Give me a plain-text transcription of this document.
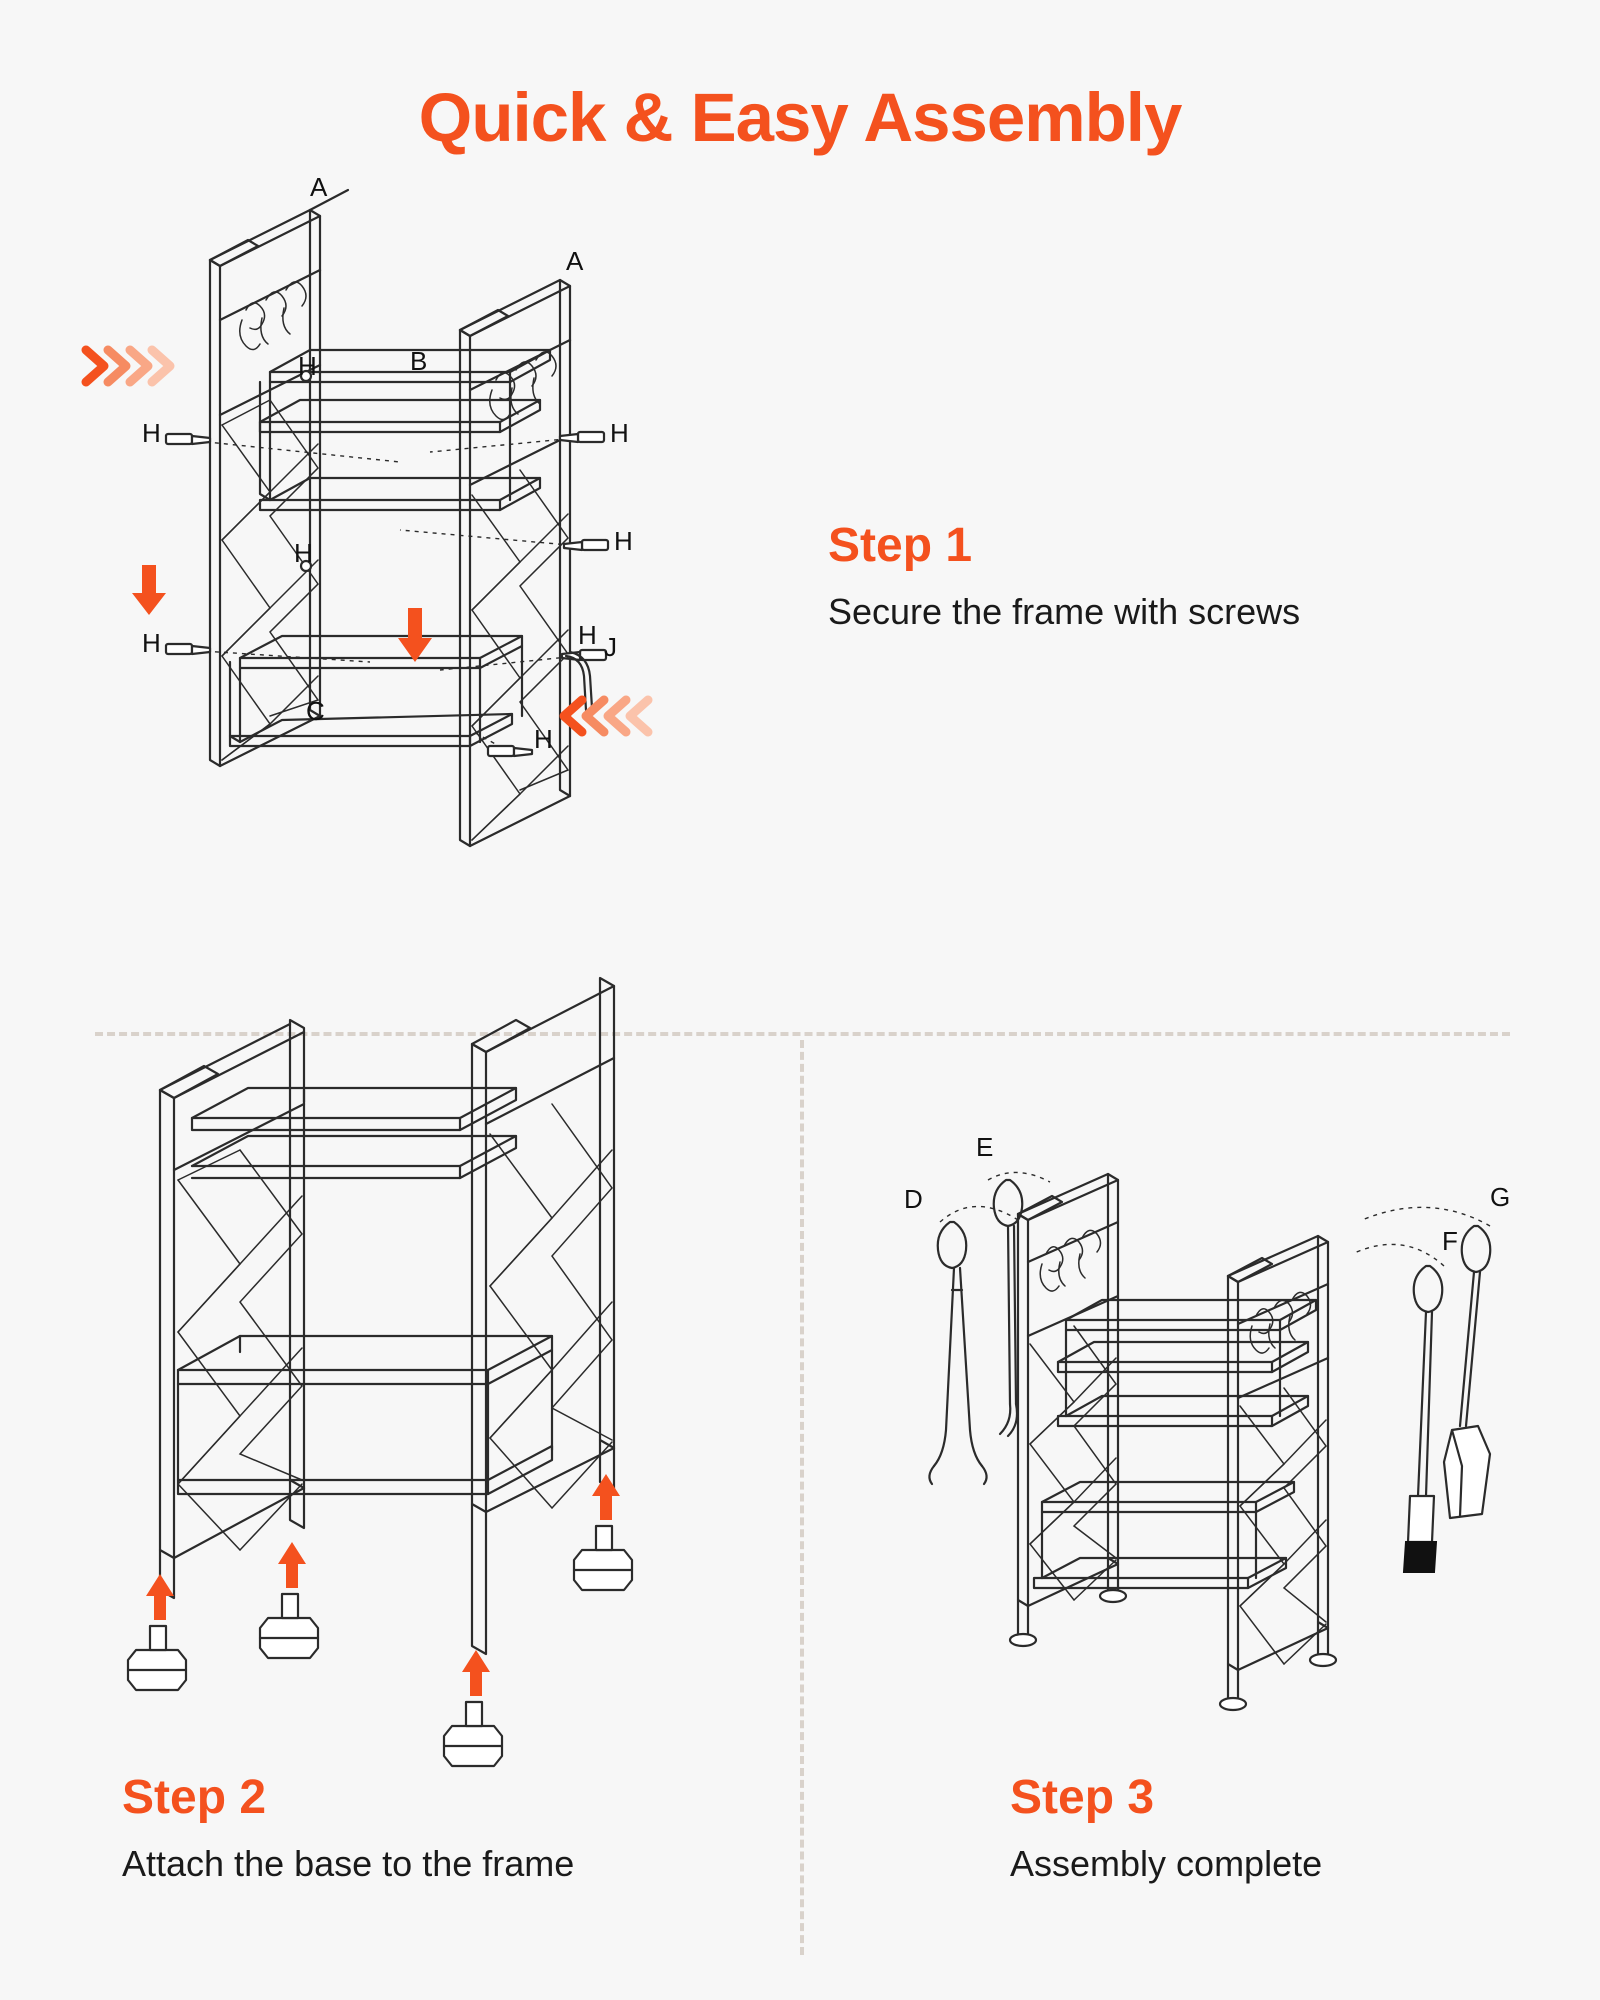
Quick & Easy Assembly
A
A
B
H
H	H
H
H
H	H J
H
C
Step 1
Secure the frame with screws
Step 2
Attach the base to the frame
E
D
F
G
Step 3
Assembly complete
